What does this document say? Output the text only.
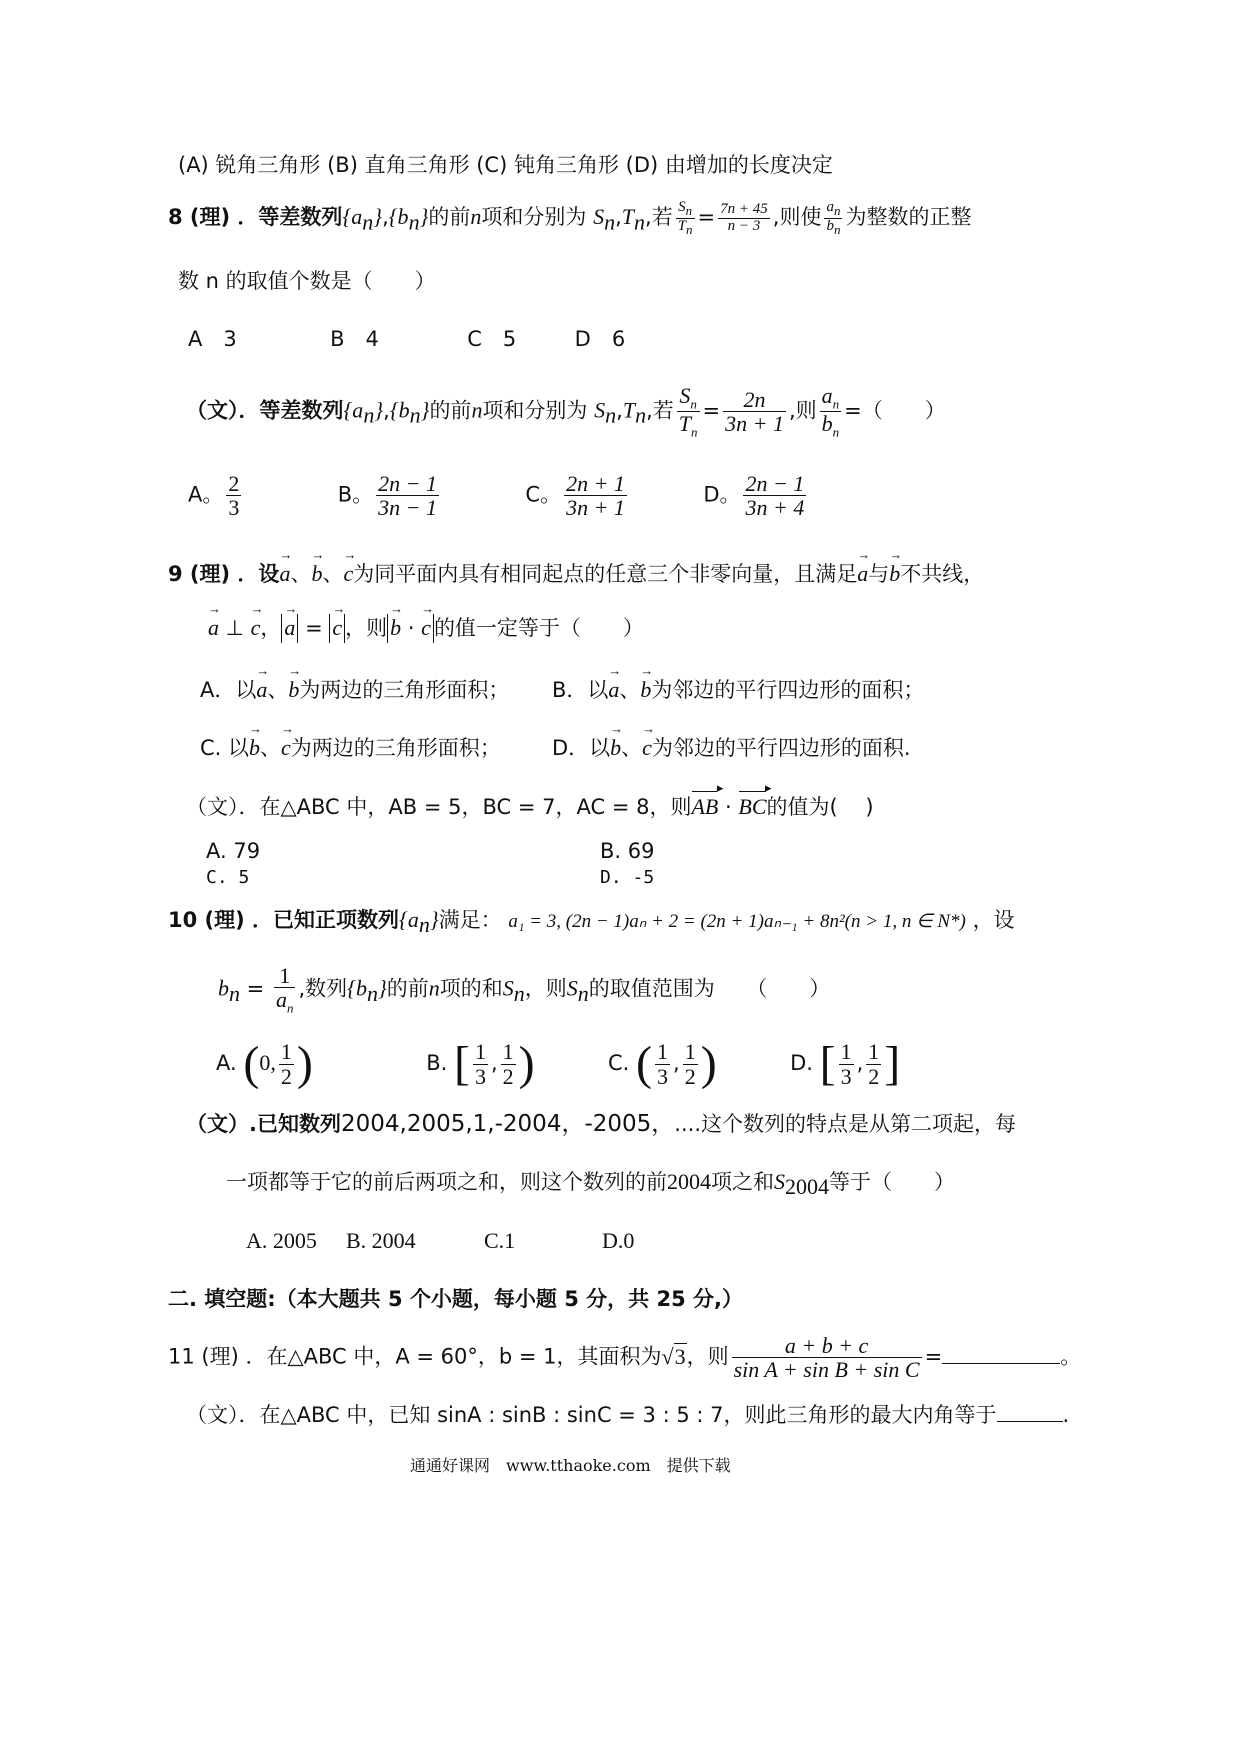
(A) 锐角三角形 (B) 直角三角形 (C) 钝角三角形 (D) 由增加的长度决定
8 (理) ．等差数列$\{a_n\},\{b_n\}$的前n项和分别为 $S_n,T_n$,若 $\frac{S_n}{T_n} = \frac{7n + 45}{n - 3}$ ,则使 $\frac{a_n}{b_n}$ 为整数的正整
数 n 的取值个数是（　　）
A　3	B　4	C　5	D　6
（文）．等差数列$\{a_n\},\{b_n\}$的前n项和分别为 $S_n,T_n$,若 $\frac{S_n}{T_n} = \frac{2n}{3n + 1}$ ,则 $\frac{a_n}{b_n}$ =（　　）
A。 $\frac{2}{3}$	B。 $\frac{2n - 1}{3n - 1}$	C。 $\frac{2n + 1}{3n + 1}$	D。 $\frac{2n - 1}{3n + 4}$
9 (理) ．设→ a、→ b、→ c为同平面内具有相同起点的任意三个非零向量，且满足→ a与→ b不共线，
→ a ⊥ → c， → a = → c ，则 → b · → c 的值一定等于（　　）
A．以→ a、→ b为两边的三角形面积； B．以→ a、→ b为邻边的平行四边形的面积；
C. 以→ b、→ c为两边的三角形面积； D．以→ b、→ c为邻边的平行四边形的面积.
（文）．在△ABC 中，AB = 5，BC = 7，AC = 8，则AB ▸ · BC ▸的值为(　 )
A. 79	B. 69
C. 5	D. -5
10 (理) ．已知正项数列$\{a_n\}$满足： a₁ = 3, (2n − 1)aₙ + 2 = (2n + 1)aₙ₋₁ + 8n²(n > 1, n ∈ N*) ，设
$b_n = \frac{1}{a_n}$ ,数列$\{b_n\}$的前n项的和$S_n$，则$S_n$的取值范围为　　（　　）
A. (0, $\frac{1}{2}$ )	B. [ $\frac{1}{3}$ , $\frac{1}{2}$ )	C. ( $\frac{1}{3}$ , $\frac{1}{2}$ )	D. [ $\frac{1}{3}$ , $\frac{1}{2}$ ]
（文）.已知数列2004,2005,1,-2004，-2005，....这个数列的特点是从第二项起，每
一项都等于它的前后两项之和，则这个数列的前2004项之和$S_{2004}$等于（　　）
A. 2005 B. 2004	C.1	D.0
二. 填空题:（本大题共 5 个小题，每小题 5 分，共 25 分,）
11 (理) ．在△ABC 中，A = 60°，b = 1，其面积为√3，则 $\frac{a + b + c}{\text{sin A + sin B + sin C}}$ =	。
（文）．在△ABC 中，已知 sinA : sinB : sinC = 3 : 5 : 7，则此三角形的最大内角等于	.
通通好课网　www.tthaoke.com　提供下载
